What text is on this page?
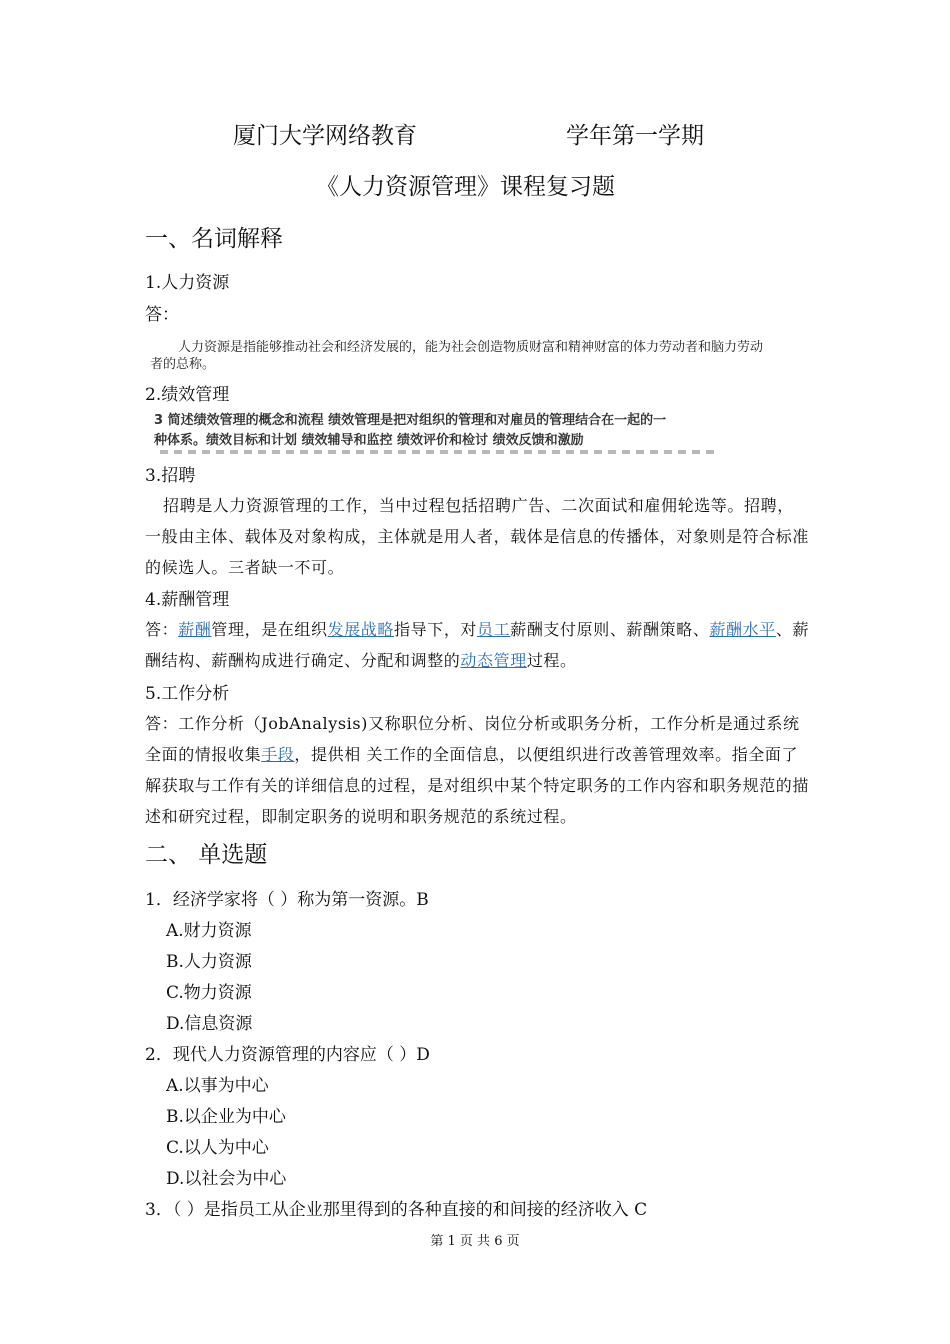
厦门大学网络教育	学年第一学期
《人力资源管理》课程复习题
一、名词解释
1.人力资源
答：
人力资源是指能够推动社会和经济发展的，能为社会创造物质财富和精神财富的体力劳动者和脑力劳动
者的总称。
2.绩效管理
3 简述绩效管理的概念和流程 绩效管理是把对组织的管理和对雇员的管理结合在一起的一
种体系。绩效目标和计划 绩效辅导和监控 绩效评价和检讨 绩效反馈和激励
3.招聘
招聘是人力资源管理的工作，当中过程包括招聘广告、二次面试和雇佣轮选等。招聘，一般由主体、载体及对象构成，主体就是用人者，载体是信息的传播体，对象则是符合标准的候选人。三者缺一不可。
4.薪酬管理
答：薪酬管理，是在组织发展战略指导下，对员工薪酬支付原则、薪酬策略、薪酬水平、薪酬结构、薪酬构成进行确定、分配和调整的动态管理过程。
5.工作分析
答：工作分析（JobAnalysis)又称职位分析、岗位分析或职务分析，工作分析是通过系统全面的情报收集手段，提供相 关工作的全面信息，以便组织进行改善管理效率。指全面了解获取与工作有关的详细信息的过程，是对组织中某个特定职务的工作内容和职务规范的描述和研究过程，即制定职务的说明和职务规范的系统过程。
二、 单选题
1．经济学家将（ ）称为第一资源。B
A.财力资源
B.人力资源
C.物力资源
D.信息资源
2．现代人力资源管理的内容应（ ）D
A.以事为中心
B.以企业为中心
C.以人为中心
D.以社会为中心
3．（ ）是指员工从企业那里得到的各种直接的和间接的经济收入 C
第 1 页 共 6 页
